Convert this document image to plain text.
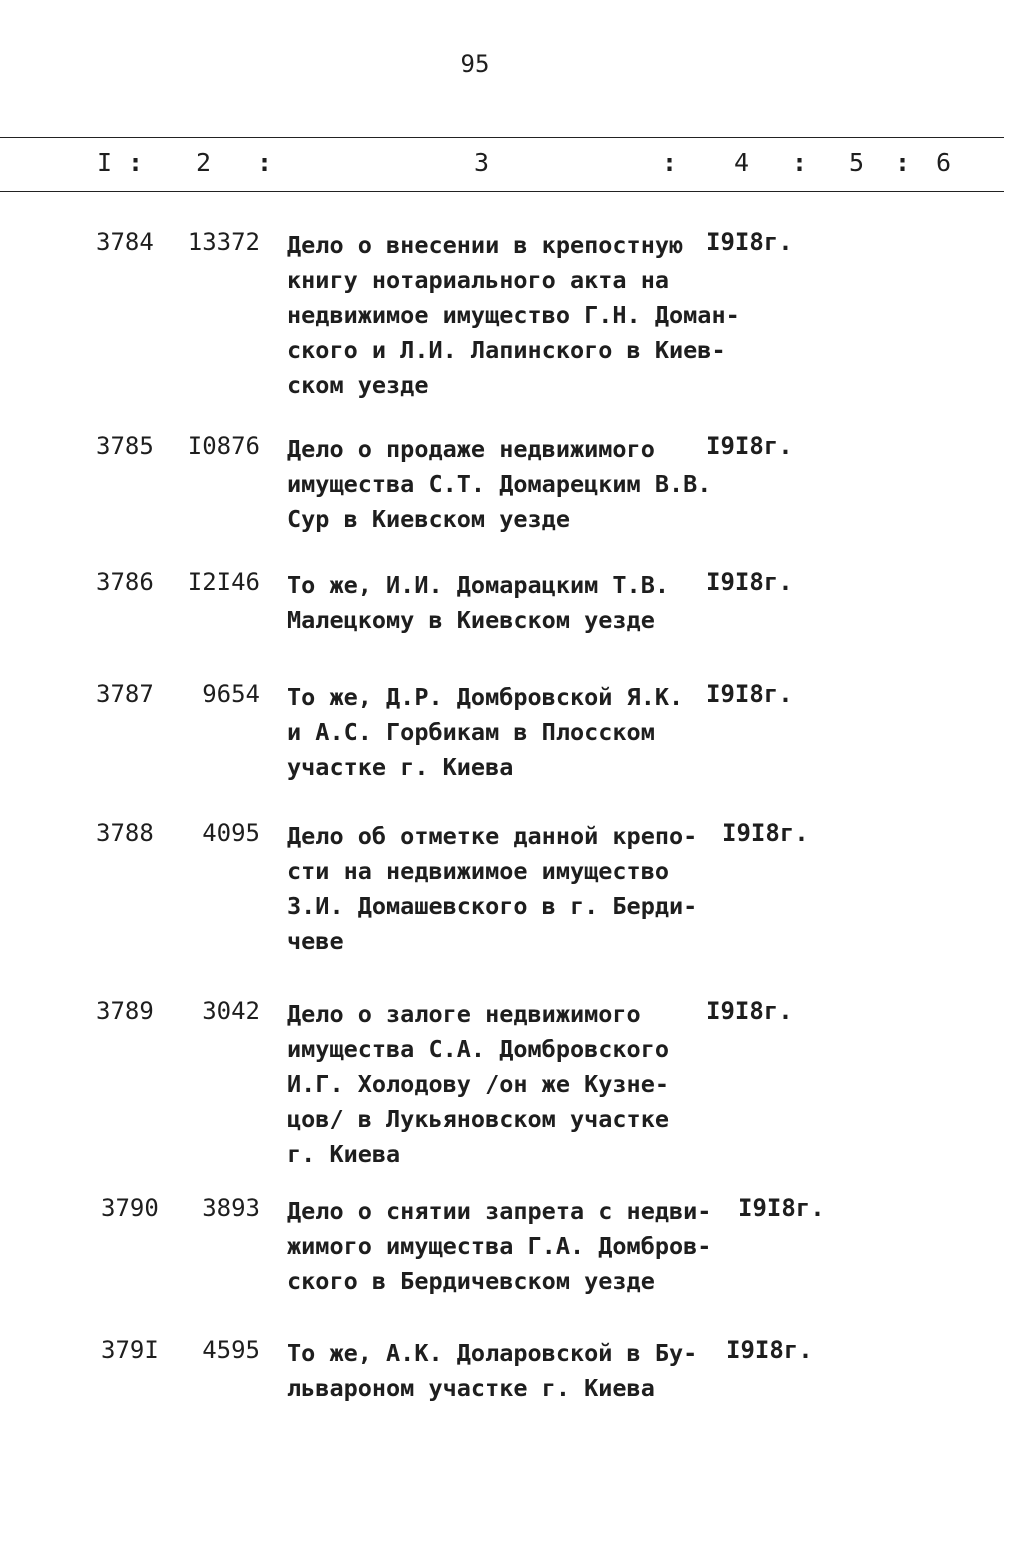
95
I : 2 :	3	: 4 : 5 : 6
3784	13372 Дело о внесении в крепостную
книгу нотариального акта на
недвижимое имущество Г.Н. Доман-
ского и Л.И. Лапинского в Киев-
ском уезде
I9I8г.
3785	I0876 Дело о продаже недвижимого
имущества С.Т. Домарецким В.В.
Сур в Киевском уезде
I9I8г.
3786	I2I46 То же, И.И. Домарацким Т.В.
Малецкому в Киевском уезде
I9I8г.
3787	9654 То же, Д.Р. Домбровской Я.К.
и А.С. Горбикам в Плосском
участке г. Киева
I9I8г.
3788	4095 Дело об отметке данной крепо-
сти на недвижимое имущество
З.И. Домашевского в г. Берди-
чеве
I9I8г.
3789	3042 Дело о залоге недвижимого
имущества С.А. Домбровского
И.Г. Холодову /он же Кузне-
цов/ в Лукьяновском участке
г. Киева
I9I8г.
3790	3893 Дело о снятии запрета с недви-
жимого имущества Г.А. Домбров-
ского в Бердичевском уезде
I9I8г.
379I	4595 То же, А.К. Доларовской в Бу-
львароном участке г. Киева
I9I8г.
